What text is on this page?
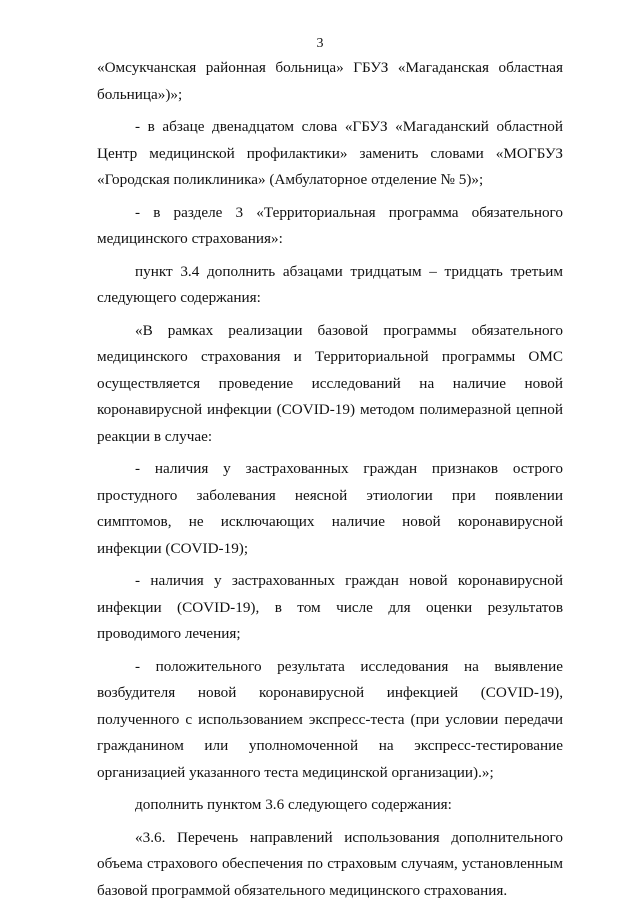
3

«Омсукчанская районная больница» ГБУЗ «Магаданская областная больница»)»;

- в абзаце двенадцатом слова «ГБУЗ «Магаданский областной Центр медицинской профилактики» заменить словами «МОГБУЗ «Городская поликлиника» (Амбулаторное отделение № 5)»;

- в разделе 3 «Территориальная программа обязательного медицинского страхования»:

пункт 3.4 дополнить абзацами тридцатым – тридцать третьим следующего содержания:

«В рамках реализации базовой программы обязательного медицинского страхования и Территориальной программы ОМС осуществляется проведение исследований на наличие новой коронавирусной инфекции (COVID-19) методом полимеразной цепной реакции в случае:

- наличия у застрахованных граждан признаков острого простудного заболевания неясной этиологии при появлении симптомов, не исключающих наличие новой коронавирусной инфекции (COVID-19);

- наличия у застрахованных граждан новой коронавирусной инфекции (COVID-19), в том числе для оценки результатов проводимого лечения;

- положительного результата исследования на выявление возбудителя новой коронавирусной инфекцией (COVID-19), полученного с использованием экспресс-теста (при условии передачи гражданином или уполномоченной на экспресс-тестирование организацией указанного теста медицинской организации).»;

дополнить пунктом 3.6 следующего содержания:

«3.6. Перечень направлений использования дополнительного объема страхового обеспечения по страховым случаям, установленным базовой программой обязательного медицинского страхования.
